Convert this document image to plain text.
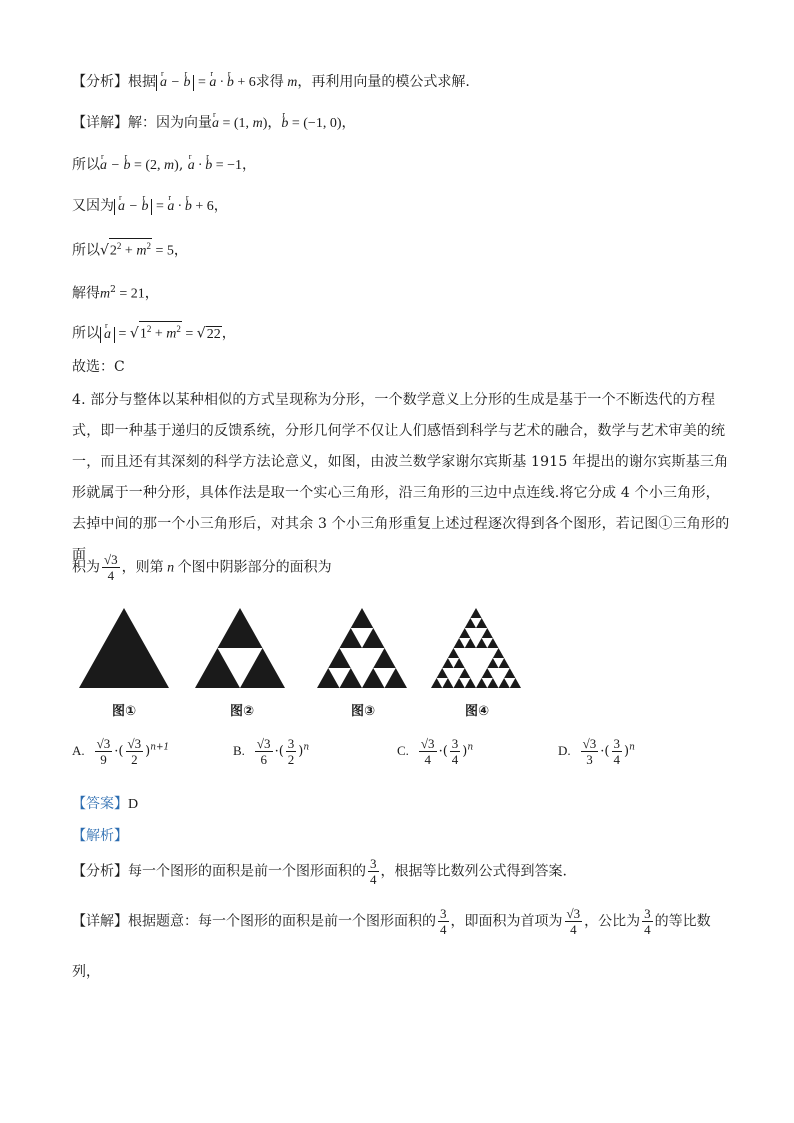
【分析】根据 r a − r b = r a · r b + 6求得 m，再利用向量的模公式求解.
【详解】解：因为向量r a = (1, m)，r b = (−1, 0)，
所以r a − r b = (2, m), r a · r b = −1，
又因为 r a − r b = r a · r b + 6，
所以$√2^2 + m^2 = 5$，
解得$m^2 = 21$，
所以 r $a = √1^2 + m^2 = √22$，
故选：C
4. 部分与整体以某种相似的方式呈现称为分形，一个数学意义上分形的生成是基于一个不断迭代的方程式，即一种基于递归的反馈系统，分形几何学不仅让人们感悟到科学与艺术的融合，数学与艺术审美的统一，而且还有其深刻的科学方法论意义，如图，由波兰数学家谢尔宾斯基 1915 年提出的谢尔宾斯基三角形就属于一种分形，具体作法是取一个实心三角形，沿三角形的三边中点连线.将它分成 4 个小三角形，去掉中间的那一个小三角形后，对其余 3 个小三角形重复上述过程逐次得到各个图形，若记图①三角形的面
积为 $\frac{√3}{4}$ ，则第 n 个图中阴影部分的面积为
图①	图②	图③	图④
A. $\frac{√3}{9}$ ·( $\frac{√3}{2} )^{n+1}$	B. $\frac{√3}{6}$ ·( $\frac{3}{2} )^n$	C. $\frac{√3}{4}$ ·( $\frac{3}{4} )^n$	D. $\frac{√3}{3}$ ·( $\frac{3}{4} )^n$
【答案】D
【解析】
【分析】每一个图形的面积是前一个图形面积的 $\frac{3}{4}$ ，根据等比数列公式得到答案.
【详解】根据题意：每一个图形的面积是前一个图形面积的 $\frac{3}{4}$ ，即面积为首项为 $\frac{√3}{4}$ ，公比为 $\frac{3}{4}$ 的等比数
列，
